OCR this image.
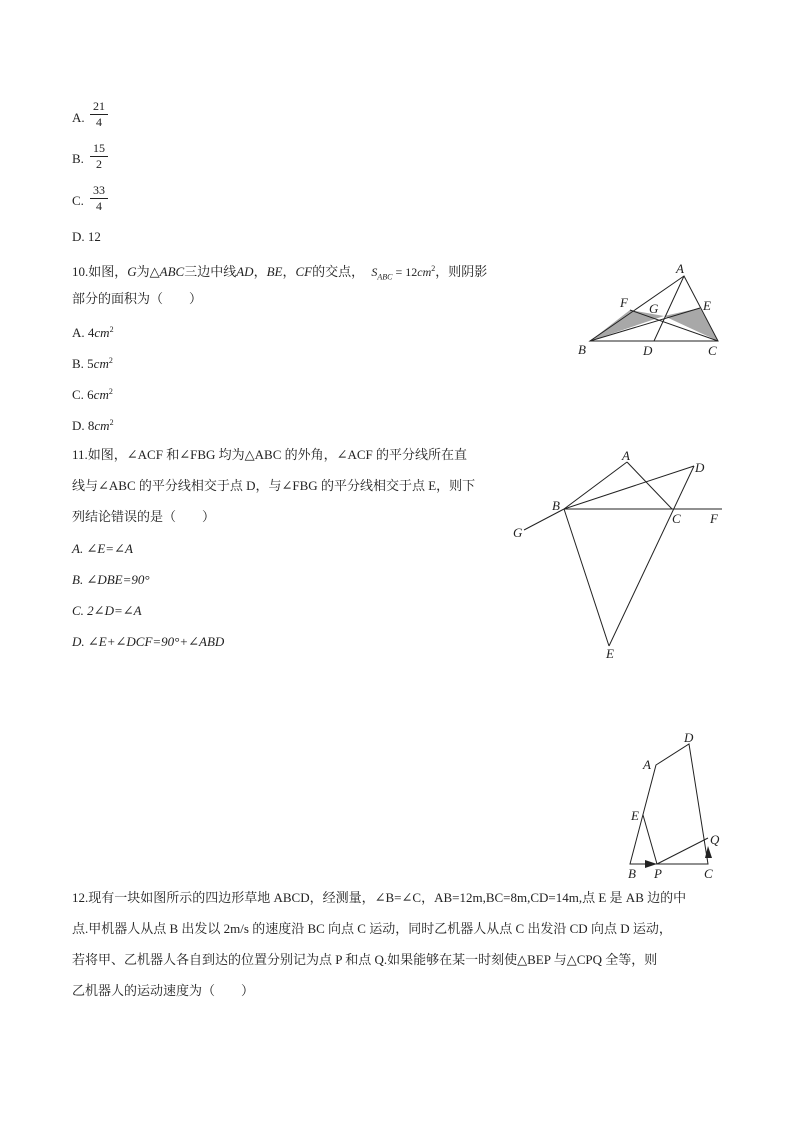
A. $\frac{21}{4}$
B. $\frac{15}{2}$
C. $\frac{33}{4}$
D. 12
10.如图，G为△ABC三边中线AD，BE，CF的交点， $S_{ABC} = 12cm^2$，则阴影
部分的面积为（　　）
A. $4cm^2$
B. $5cm^2$
C. $6cm^2$
D. $8cm^2$
A
F G	E
B	D	C
11.如图，∠ACF 和∠FBG 均为△ABC 的外角，∠ACF 的平分线所在直
线与∠ABC 的平分线相交于点 D，与∠FBG 的平分线相交于点 E，则下
列结论错误的是（　　）
A. ∠E=∠A
B. ∠DBE=90°
C. 2∠D=∠A
D. ∠E+∠DCF=90°+∠ABD
A
D
B
C F
G
E
D
A
E
Q
B P	C
12.现有一块如图所示的四边形草地 ABCD，经测量，∠B=∠C，AB=12m,BC=8m,CD=14m,点 E 是 AB 边的中
点.甲机器人从点 B 出发以 2m/s 的速度沿 BC 向点 C 运动，同时乙机器人从点 C 出发沿 CD 向点 D 运动，
若将甲、乙机器人各自到达的位置分别记为点 P 和点 Q.如果能够在某一时刻使△BEP 与△CPQ 全等，则
乙机器人的运动速度为（　　）
